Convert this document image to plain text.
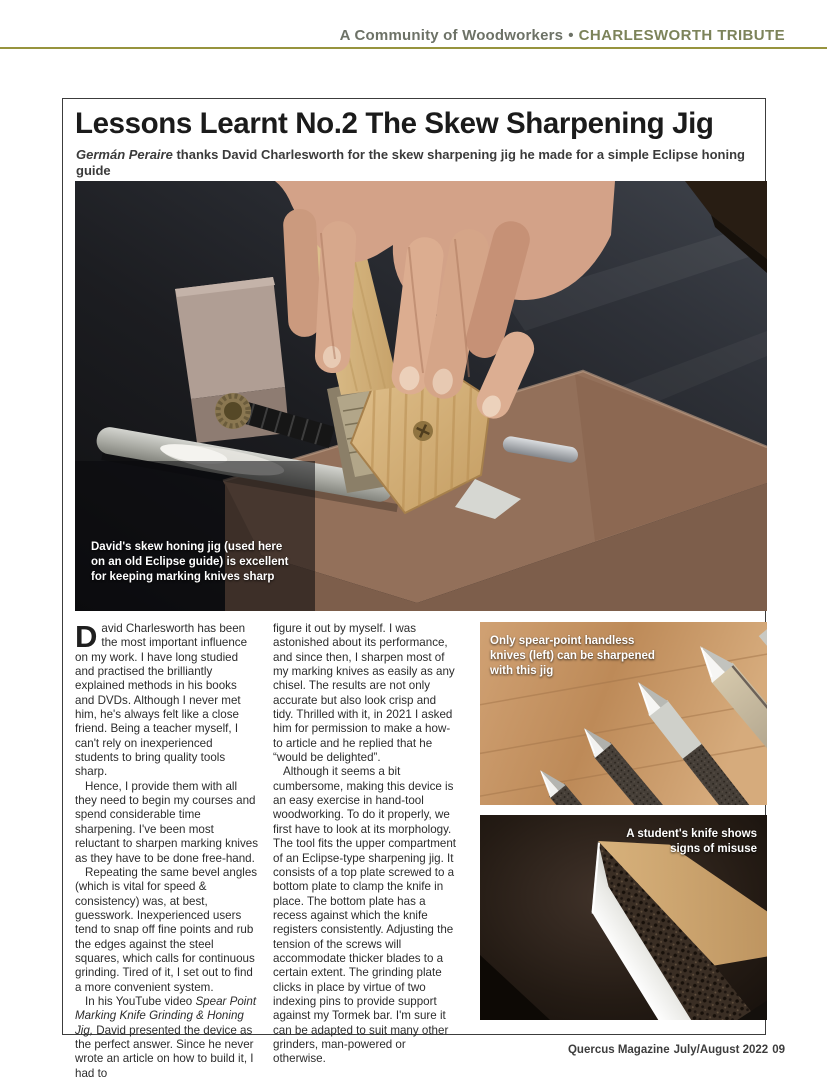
A Community of Woodworkers • CHARLESWORTH TRIBUTE
Lessons Learnt No.2 The Skew Sharpening Jig

Germán Peraire thanks David Charlesworth for the skew sharpening jig he made for a simple Eclipse honing guide

David's skew honing jig (used here on an old Eclipse guide) is excellent for keeping marking knives sharp

David Charlesworth has been the most important influence on my work. I have long studied and practised the brilliantly explained methods in his books and DVDs. Although I never met him, he's always felt like a close friend. Being a teacher myself, I can't rely on inexperienced students to bring quality tools sharp.

Hence, I provide them with all they need to begin my courses and spend considerable time sharpening. I've been most reluctant to sharpen marking knives as they have to be done free-hand.

Repeating the same bevel angles (which is vital for speed & consistency) was, at best, guesswork. Inexperienced users tend to snap off fine points and rub the edges against the steel squares, which calls for continuous grinding. Tired of it, I set out to find a more convenient system.

In his YouTube video Spear Point Marking Knife Grinding & Honing Jig, David presented the device as the perfect answer. Since he never wrote an article on how to build it, I had to

figure it out by myself. I was astonished about its performance, and since then, I sharpen most of my marking knives as easily as any chisel. The results are not only accurate but also look crisp and tidy. Thrilled with it, in 2021 I asked him for permission to make a how-to article and he replied that he “would be delighted”.

Although it seems a bit cumbersome, making this device is an easy exercise in hand-tool woodworking. To do it properly, we first have to look at its morphology. The tool fits the upper compartment of an Eclipse-type sharpening jig. It consists of a top plate screwed to a bottom plate to clamp the knife in place. The bottom plate has a recess against which the knife registers consistently. Adjusting the tension of the screws will accommodate thicker blades to a certain extent. The grinding plate clicks in place by virtue of two indexing pins to provide support against my Tormek bar. I'm sure it can be adapted to suit many other grinders, man-powered or otherwise.

Only spear-point handless knives (left) can be sharpened with this jig
A student's knife shows signs of misuse
Quercus Magazine July/August 2022 09
